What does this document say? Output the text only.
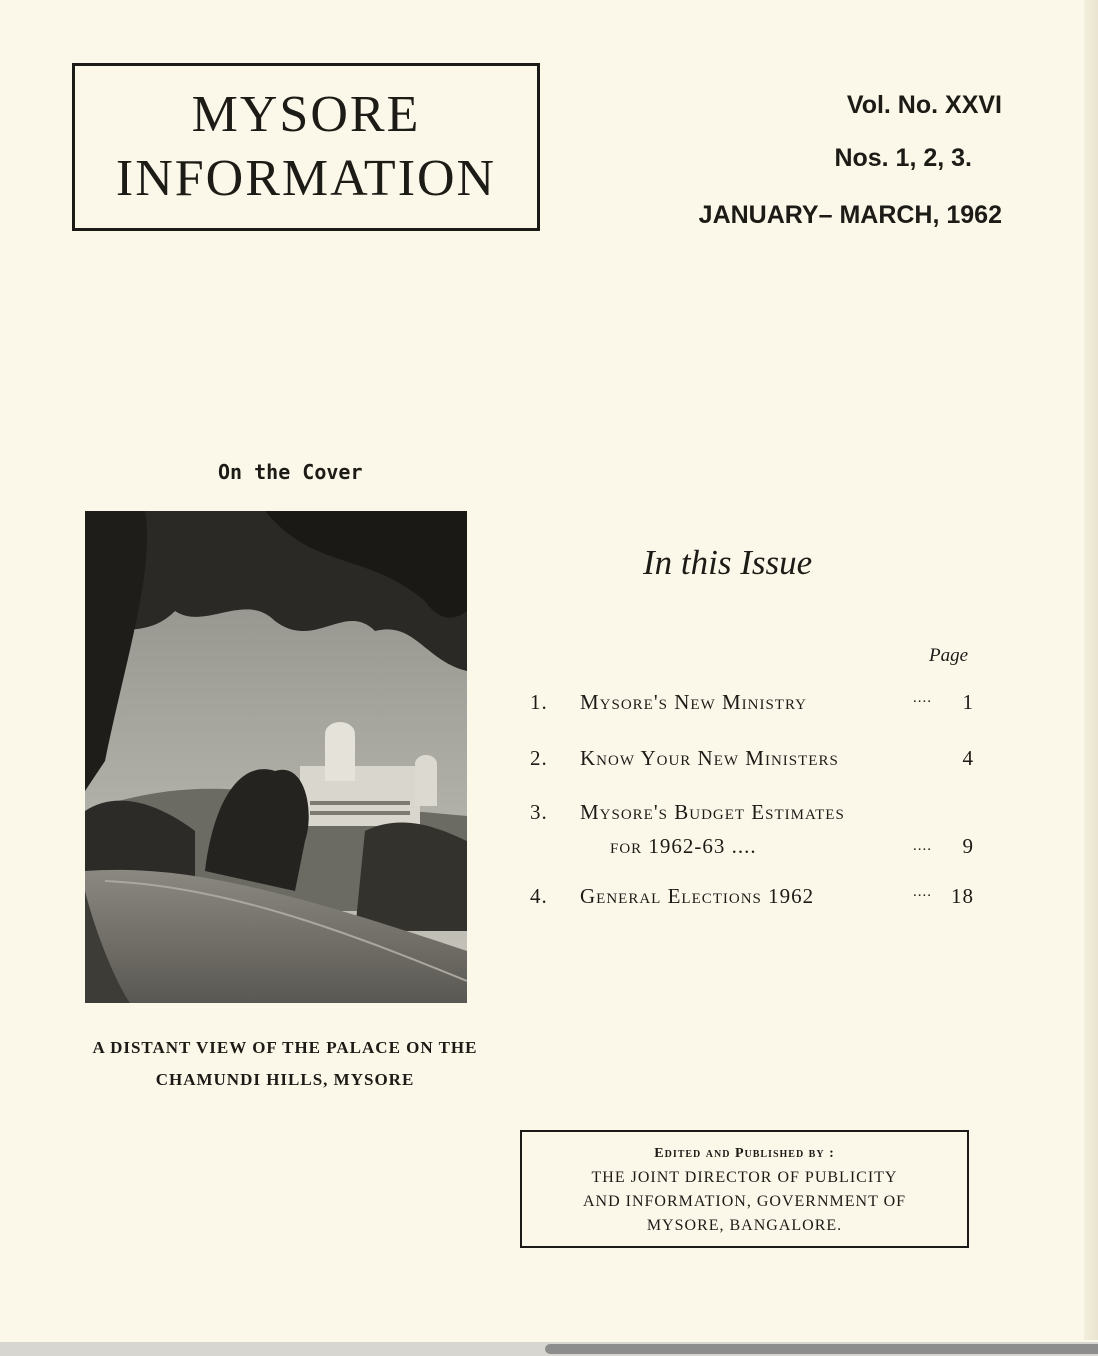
MYSORE
INFORMATION
Vol. No. XXVI
Nos. 1, 2, 3.
JANUARY– MARCH, 1962
On the Cover
A DISTANT VIEW OF THE PALACE ON THE
CHAMUNDI HILLS, MYSORE
In this Issue
Page
1. Mysore's New Ministry	.... 1
2. Know Your New Ministers	4
3. Mysore's Budget Estimates
for 1962-63 ....	.... 9
4. General Elections 1962	.... 18
Edited and Published by :
THE JOINT DIRECTOR OF PUBLICITY
AND INFORMATION, GOVERNMENT OF
MYSORE, BANGALORE.
